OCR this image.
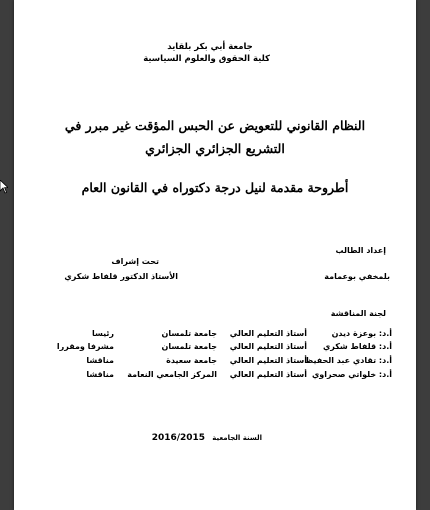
جامعة أبي بكر بلقايد
كلية الحقوق والعلوم السياسية
النظام القانوني للتعويض عن الحبس المؤقت غير مبرر في
التشريع الجزائري الجزائري
أطروحة مقدمة لنيل درجة دكتوراه في القانون العام
إعداد الطالب
بلمخفي بوعمامة
تحت إشراف
الأستاذ الدكتور قلفاط شكري
لجنة المناقشة
أ.د: بوعزة ديدن
أستاذ التعليم العالي
جامعة تلمسان
رئيسا
أ.د: قلفاط شكري
أستاذ التعليم العالي
جامعة تلمسان
مشرفا ومقررا
أ.د: تقادي عبد الحفيظ
أستاذ التعليم العالي
جامعة سعيدة
مناقشا
أ.د: خلواتي صحراوي
أستاذ التعليم العالي
المركز الجامعي النعامة
مناقشا
السنة الجامعية 2016/2015
